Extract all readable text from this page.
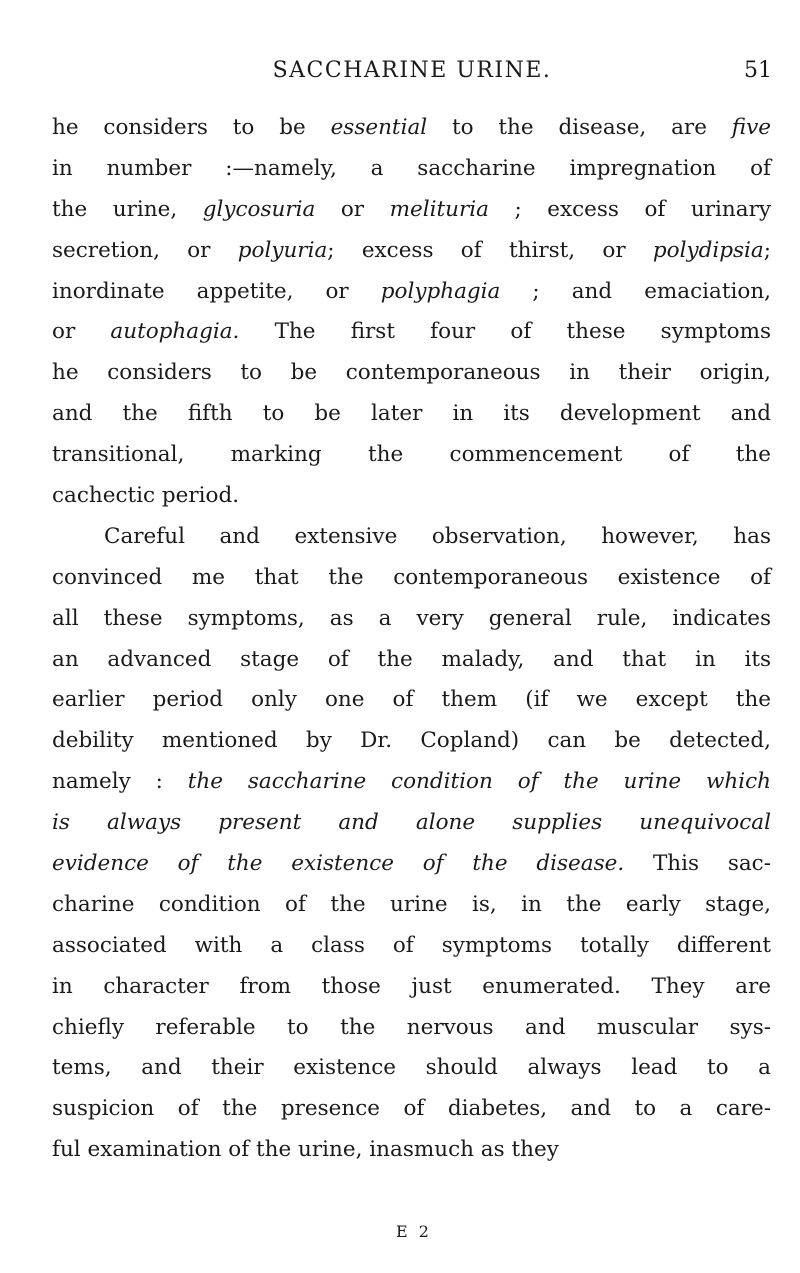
SACCHARINE URINE.	51
he considers to be essential to the disease, are five
in number :—namely, a saccharine impregnation of
the urine, glycosuria or melituria ; excess of urinary
secretion, or polyuria; excess of thirst, or polydipsia;
inordinate appetite, or polyphagia ; and emaciation,
or autophagia. The first four of these symptoms
he considers to be contemporaneous in their origin,
and the fifth to be later in its development and
transitional, marking the commencement of the
cachectic period.
Careful and extensive observation, however, has
convinced me that the contemporaneous existence of
all these symptoms, as a very general rule, indicates
an advanced stage of the malady, and that in its
earlier period only one of them (if we except the
debility mentioned by Dr. Copland) can be detected,
namely : the saccharine condition of the urine which
is always present and alone supplies unequivocal
evidence of the existence of the disease. This sac-
charine condition of the urine is, in the early stage,
associated with a class of symptoms totally different
in character from those just enumerated. They are
chiefly referable to the nervous and muscular sys-
tems, and their existence should always lead to a
suspicion of the presence of diabetes, and to a care-
ful examination of the urine, inasmuch as they
E 2
